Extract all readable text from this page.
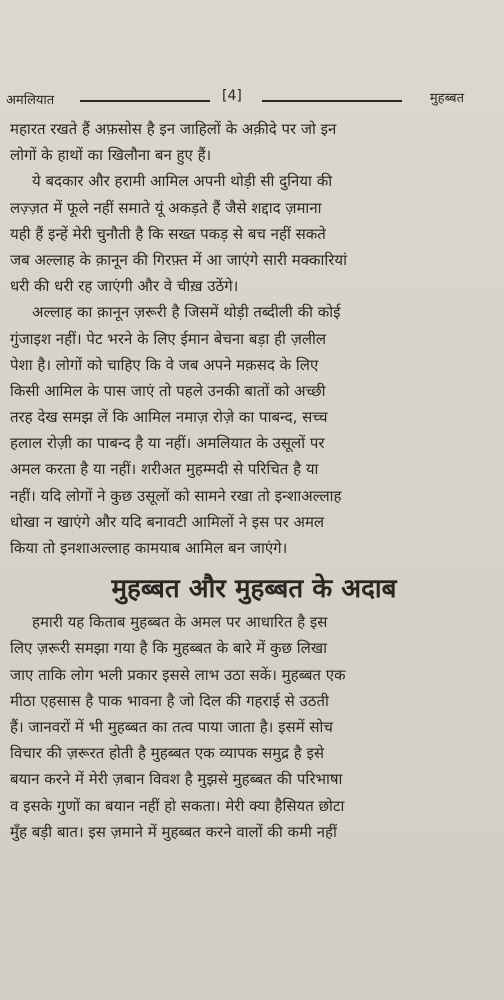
अमलियात	[4]	मुहब्बत
महारत रखते हैं अफ़सोस है इन जाहिलों के अक़ीदे पर जो इन
लोगों के हाथों का खिलौना बन हुए हैं।
ये बदकार और हरामी आमिल अपनी थोड़ी सी दुनिया की
लज़्ज़त में फूले नहीं समाते यूं अकड़ते हैं जैसे शद्दाद ज़माना
यही हैं इन्हें मेरी चुनौती है कि सख्त पकड़ से बच नहीं सकते
जब अल्लाह के क़ानून की गिरफ़्त में आ जाएंगे सारी मक्कारियां
धरी की धरी रह जाएंगी और वे चीख़ उठेंगे।
अल्लाह का क़ानून ज़रूरी है जिसमें थोड़ी तब्दीली की कोई
गुंजाइश नहीं। पेट भरने के लिए ईमान बेचना बड़ा ही ज़लील
पेशा है। लोगों को चाहिए कि वे जब अपने मक़सद के लिए
किसी आमिल के पास जाएं तो पहले उनकी बातों को अच्छी
तरह देख समझ लें कि आमिल नमाज़ रोज़े का पाबन्द, सच्च
हलाल रोज़ी का पाबन्द है या नहीं। अमलियात के उसूलों पर
अमल करता है या नहीं। शरीअत मुहम्मदी से परिचित है या
नहीं। यदि लोगों ने कुछ उसूलों को सामने रखा तो इन्शाअल्लाह
धोखा न खाएंगे और यदि बनावटी आमिलों ने इस पर अमल
किया तो इनशाअल्लाह कामयाब आमिल बन जाएंगे।
मुहब्बत और मुहब्बत के अदाब
हमारी यह किताब मुहब्बत के अमल पर आधारित है इस
लिए ज़रूरी समझा गया है कि मुहब्बत के बारे में कुछ लिखा
जाए ताकि लोग भली प्रकार इससे लाभ उठा सकें। मुहब्बत एक
मीठा एहसास है पाक भावना है जो दिल की गहराई से उठती
हैं। जानवरों में भी मुहब्बत का तत्व पाया जाता है। इसमें सोच
विचार की ज़रूरत होती है मुहब्बत एक व्यापक समुद्र है इसे
बयान करने में मेरी ज़बान विवश है मुझसे मुहब्बत की परिभाषा
व इसके गुणों का बयान नहीं हो सकता। मेरी क्या हैसियत छोटा
मुँह बड़ी बात। इस ज़माने में मुहब्बत करने वालों की कमी नहीं
